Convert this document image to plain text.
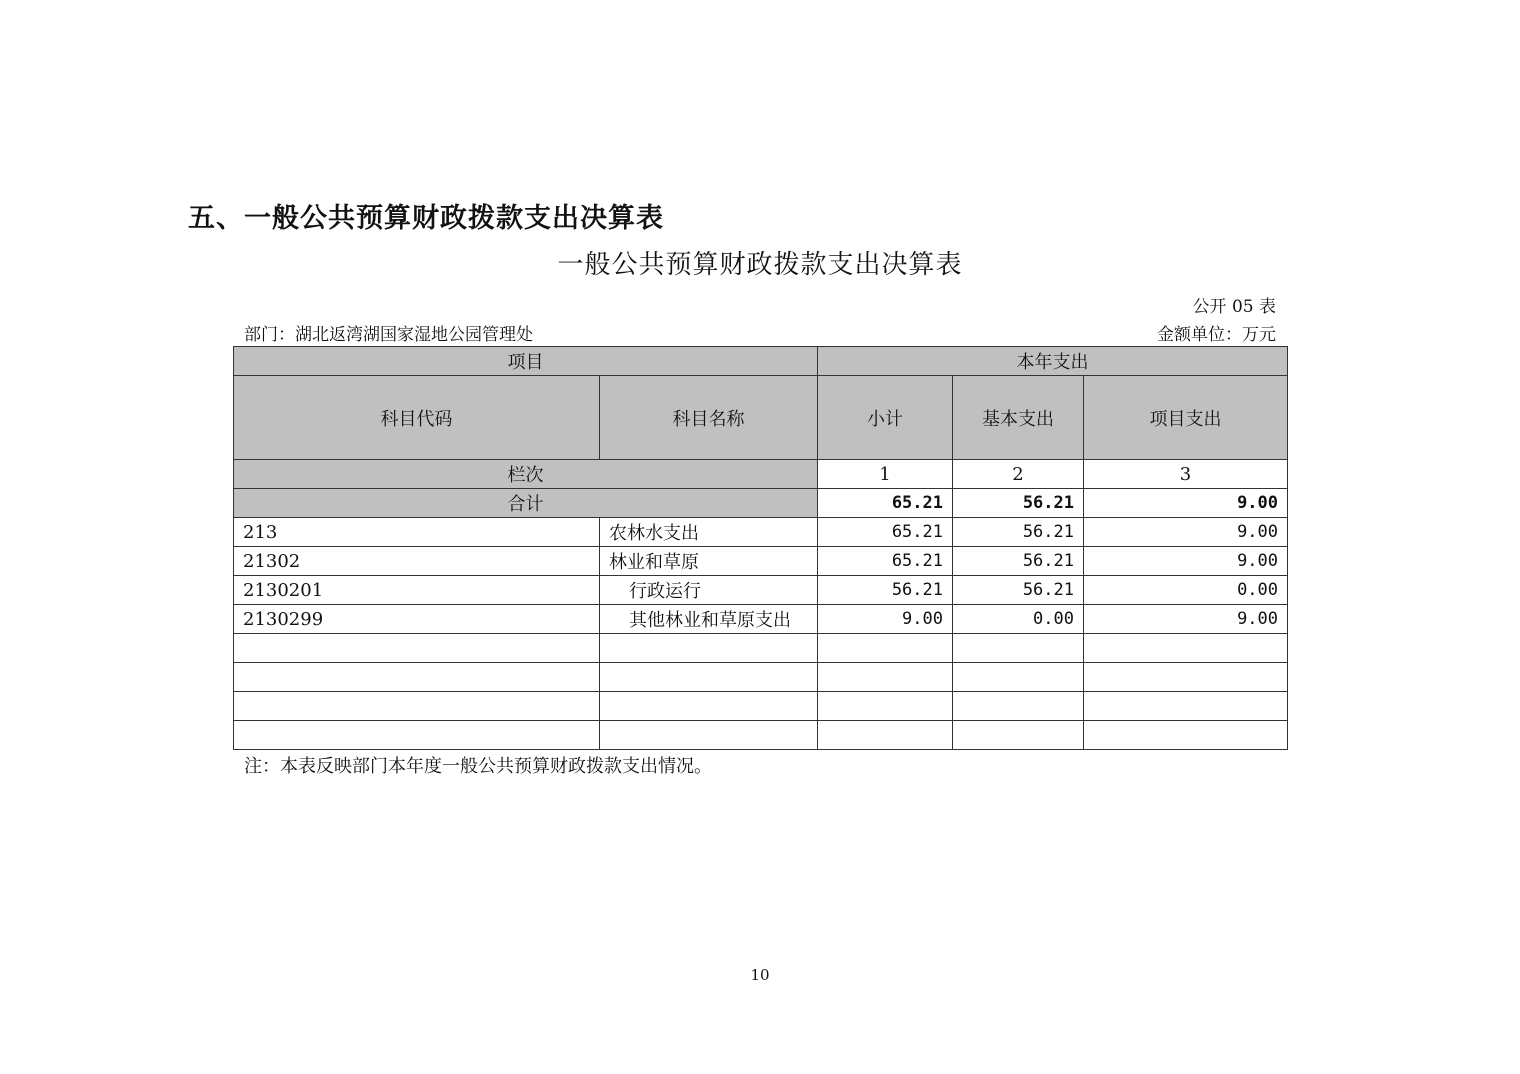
五、一般公共预算财政拨款支出决算表
一般公共预算财政拨款支出决算表
公开 05 表
部门：湖北返湾湖国家湿地公园管理处	金额单位：万元
项目		本年支出		
科目代码	科目名称	小计	基本支出	项目支出
栏次		1	2	3
合计		65.21	56.21	9.00
213	农林水支出	65.21	56.21	9.00
21302	林业和草原	65.21	56.21	9.00
2130201	行政运行	56.21	56.21	0.00
2130299	其他林业和草原支出	9.00	0.00	9.00

注：本表反映部门本年度一般公共预算财政拨款支出情况。
10
